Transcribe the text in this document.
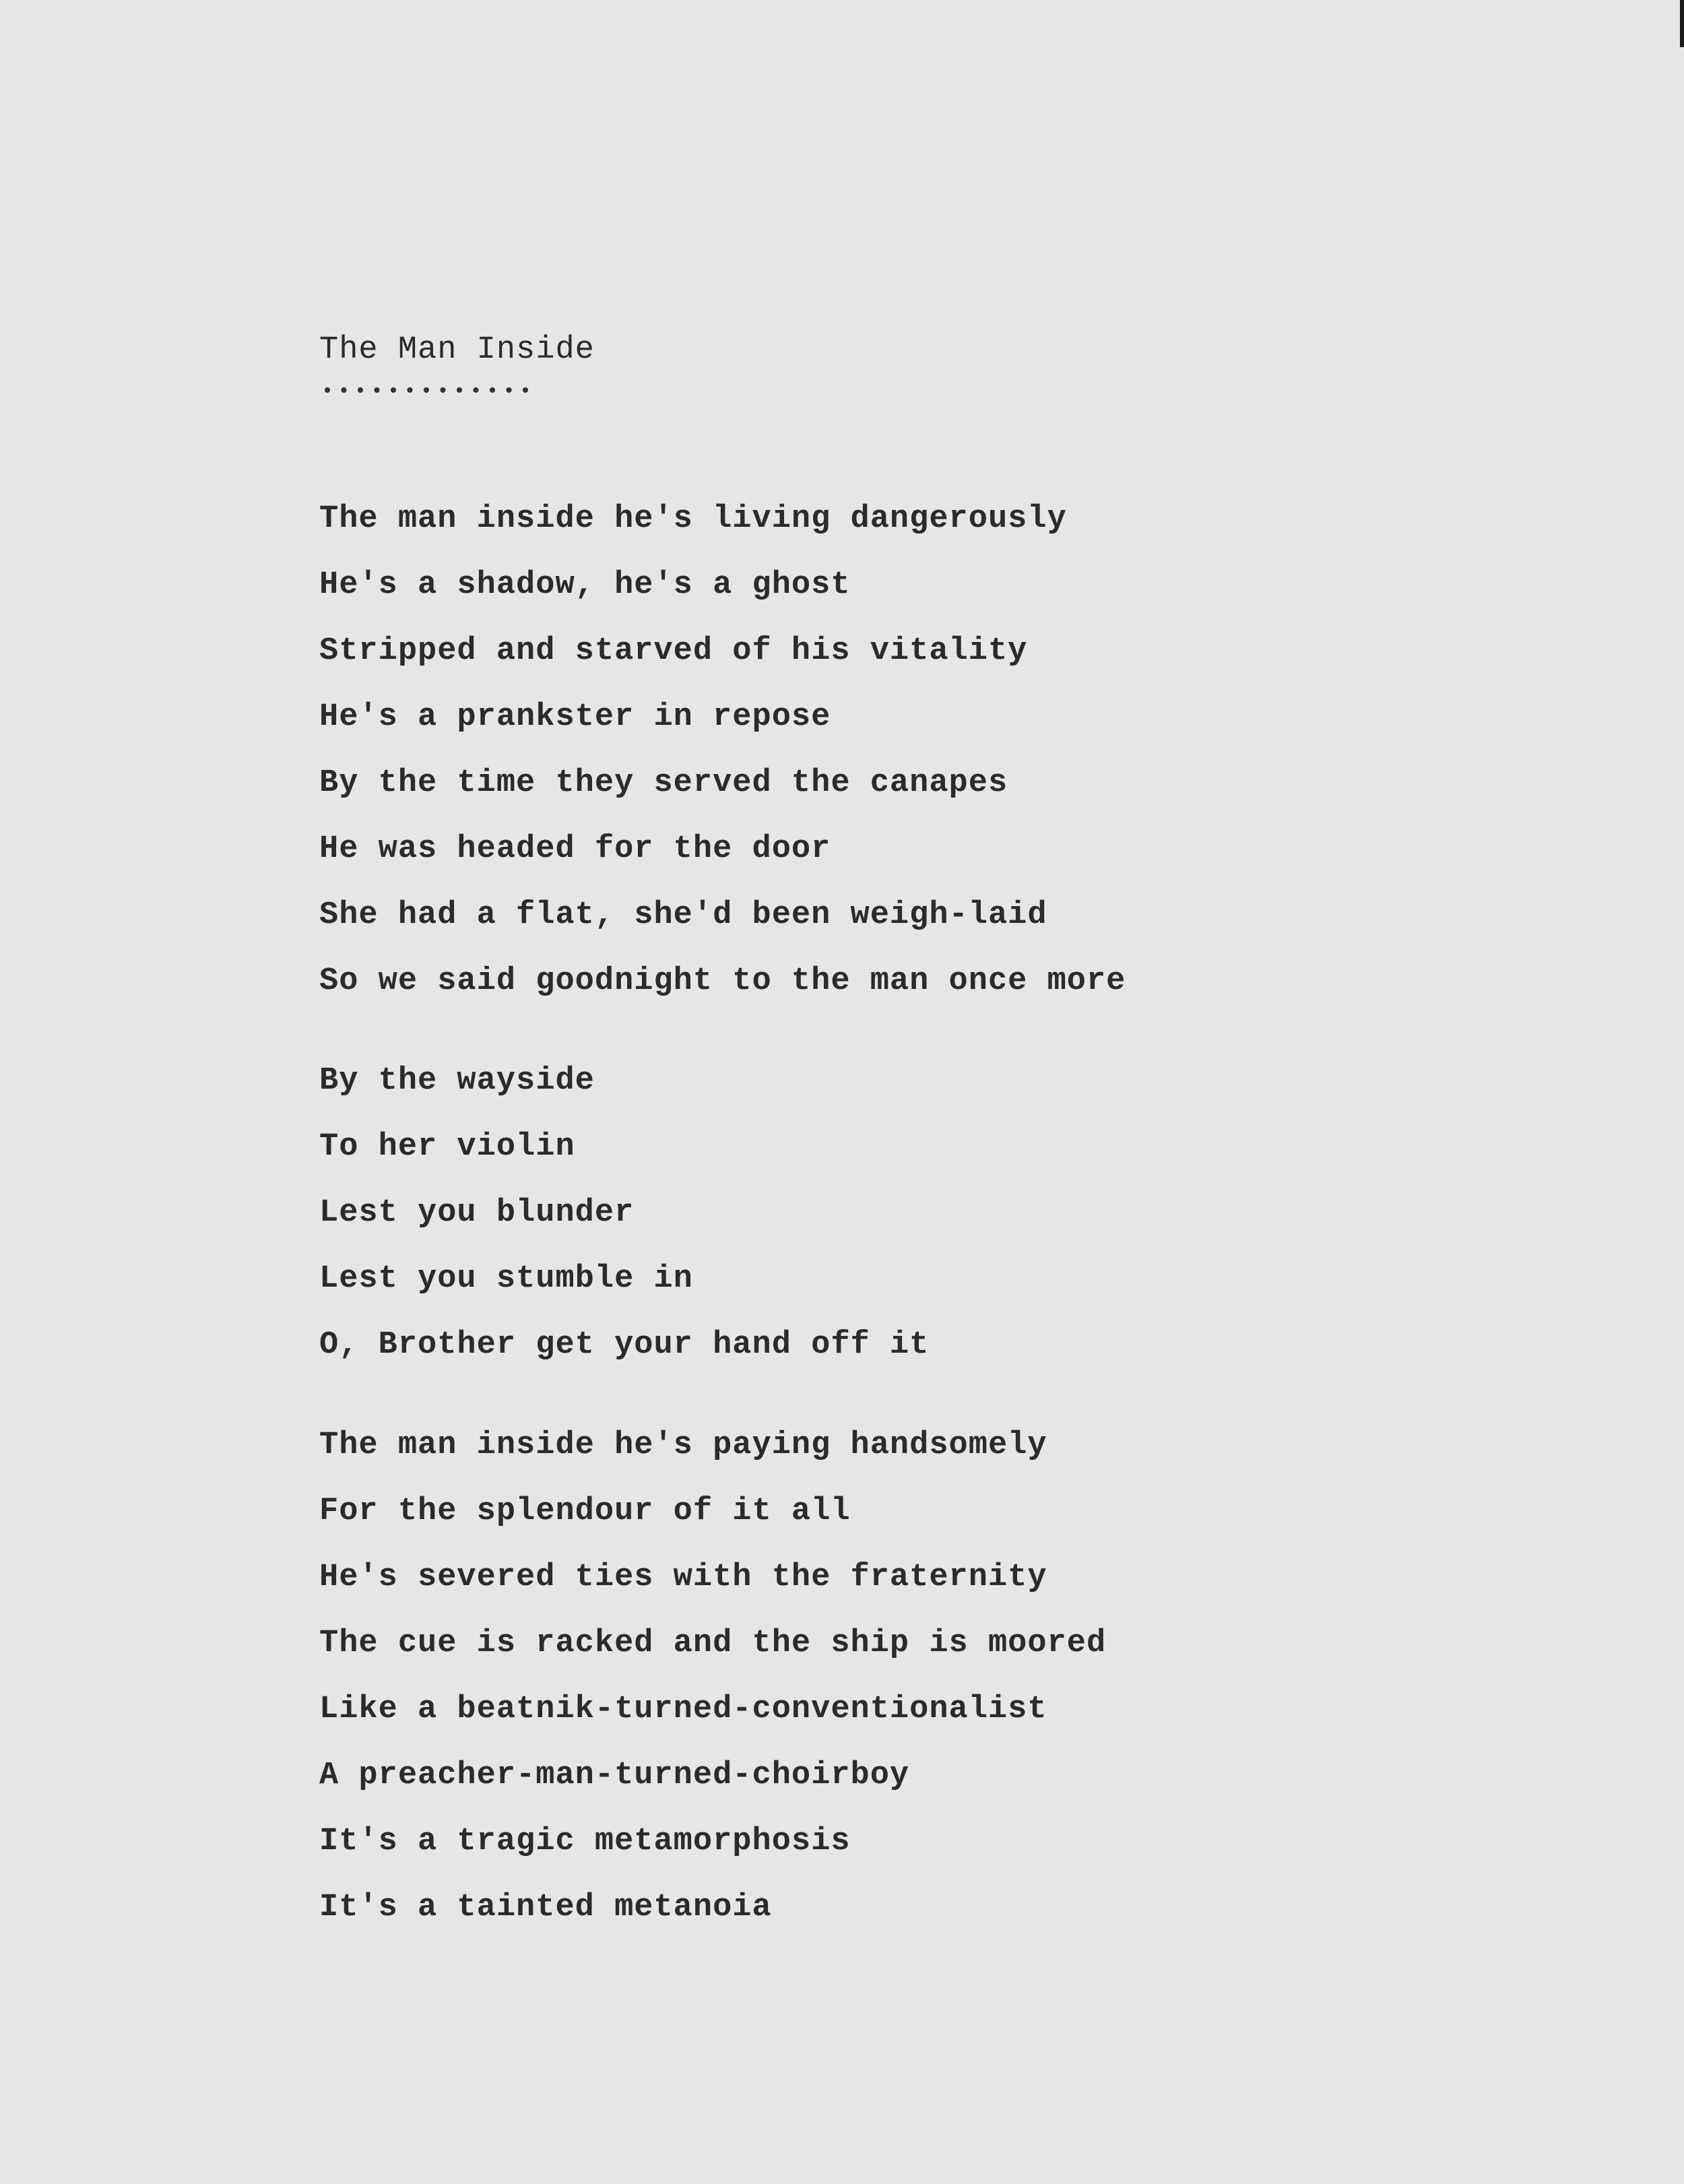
The Man Inside
•••••••••••••
The man inside he's living dangerously
He's a shadow, he's a ghost
Stripped and starved of his vitality
He's a prankster in repose
By the time they served the canapes
He was headed for the door
She had a flat, she'd been weigh-laid
So we said goodnight to the man once more
By the wayside
To her violin
Lest you blunder
Lest you stumble in
O, Brother get your hand off it
The man inside he's paying handsomely
For the splendour of it all
He's severed ties with the fraternity
The cue is racked and the ship is moored
Like a beatnik-turned-conventionalist
A preacher-man-turned-choirboy
It's a tragic metamorphosis
It's a tainted metanoia
